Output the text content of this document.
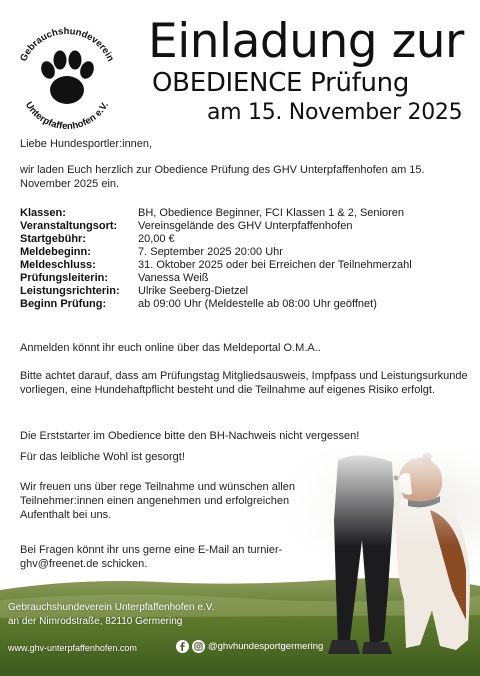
Gebrauchshundeverein
Unterpfaffenhofen e.V.
Einladung zur
OBEDIENCE Prüfung
am 15. November 2025
Liebe Hundesportler:innen,
wir laden Euch herzlich zur Obedience Prüfung des GHV Unterpfaffenhofen am 15. November 2025 ein.
Klassen:	BH, Obedience Beginner, FCI Klassen 1 & 2, Senioren
Veranstaltungsort:	Vereinsgelände des GHV Unterpfaffenhofen
Startgebühr:	20,00 €
Meldebeginn:	7. September 2025 20:00 Uhr
Meldeschluss:	31. Oktober 2025 oder bei Erreichen der Teilnehmerzahl
Prüfungsleiterin:	Vanessa Weiß
Leistungsrichterin:	Ulrike Seeberg-Dietzel
Beginn Prüfung:	ab 09:00 Uhr (Meldestelle ab 08:00 Uhr geöffnet)
Anmelden könnt ihr euch online über das Meldeportal O.M.A..
Bitte achtet darauf, dass am Prüfungstag Mitgliedsausweis, Impfpass und Leistungsurkunde vorliegen, eine Hundehaftpflicht besteht und die Teilnahme auf eigenes Risiko erfolgt.
Die Erststarter im Obedience bitte den BH-Nachweis nicht vergessen!
Für das leibliche Wohl ist gesorgt!
Wir freuen uns über rege Teilnahme und wünschen allen Teilnehmer:innen einen angenehmen und erfolgreichen Aufenthalt bei uns.
Bei Fragen könnt ihr uns gerne eine E-Mail an turnier-ghv@freenet.de schicken.
Gebrauchshundeverein Unterpfaffenhofen e.V.
an der Nimrodstraße, 82110 Germering
www.ghv-unterpfaffenhofen.com	@ghvhundesportgermering
